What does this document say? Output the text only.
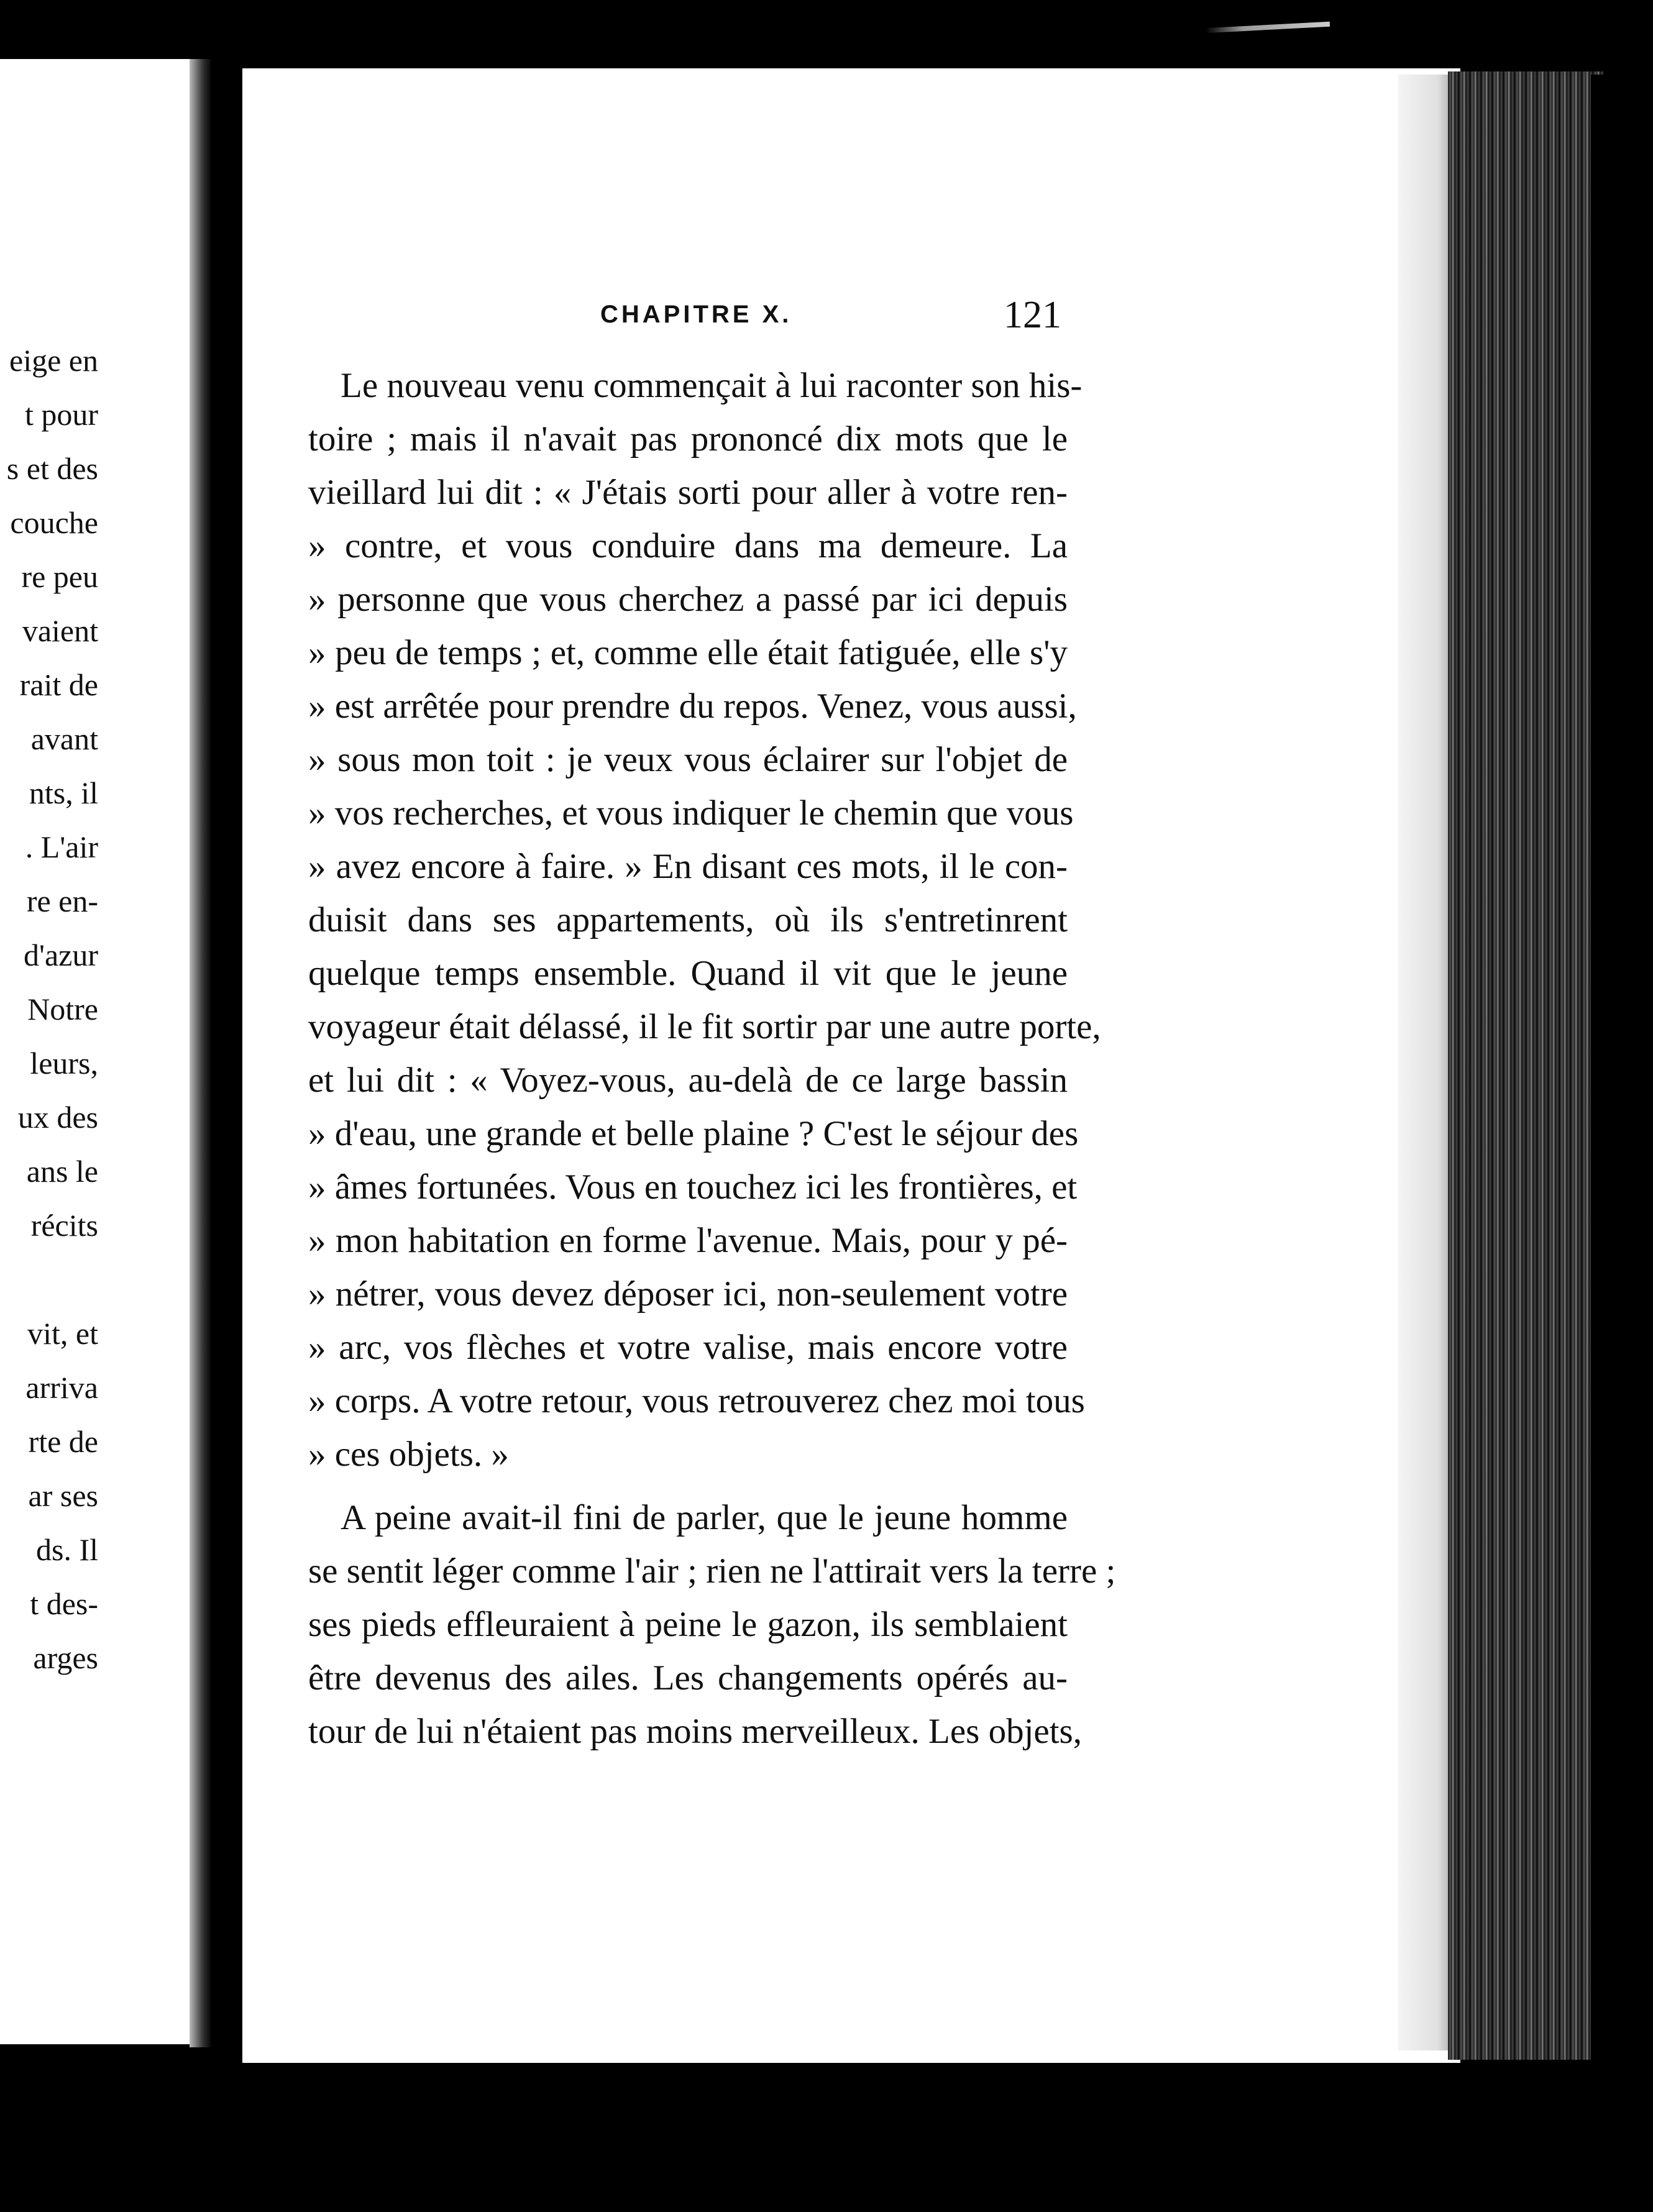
eige en
t pour
s et des
couche
re peu
vaient
rait de
avant
nts, il
. L'air
re en-
d'azur
Notre
leurs,
ux des
ans le
récits
vit, et
arriva
rte de
ar ses
ds. Il
t des-
arges
CHAPITRE X.	121
Le nouveau venu commençait à lui raconter son his-
toire ; mais il n'avait pas prononcé dix mots que le
vieillard lui dit : « J'étais sorti pour aller à votre ren-
» contre, et vous conduire dans ma demeure. La
» personne que vous cherchez a passé par ici depuis
» peu de temps ; et, comme elle était fatiguée, elle s'y
» est arrêtée pour prendre du repos. Venez, vous aussi,
» sous mon toit : je veux vous éclairer sur l'objet de
» vos recherches, et vous indiquer le chemin que vous
» avez encore à faire. » En disant ces mots, il le con-
duisit dans ses appartements, où ils s'entretinrent
quelque temps ensemble. Quand il vit que le jeune
voyageur était délassé, il le fit sortir par une autre porte,
et lui dit : « Voyez-vous, au-delà de ce large bassin
» d'eau, une grande et belle plaine ? C'est le séjour des
» âmes fortunées. Vous en touchez ici les frontières, et
» mon habitation en forme l'avenue. Mais, pour y pé-
» nétrer, vous devez déposer ici, non-seulement votre
» arc, vos flèches et votre valise, mais encore votre
» corps. A votre retour, vous retrouverez chez moi tous
» ces objets. »
A peine avait-il fini de parler, que le jeune homme
se sentit léger comme l'air ; rien ne l'attirait vers la terre ;
ses pieds effleuraient à peine le gazon, ils semblaient
être devenus des ailes. Les changements opérés au-
tour de lui n'étaient pas moins merveilleux. Les objets,
